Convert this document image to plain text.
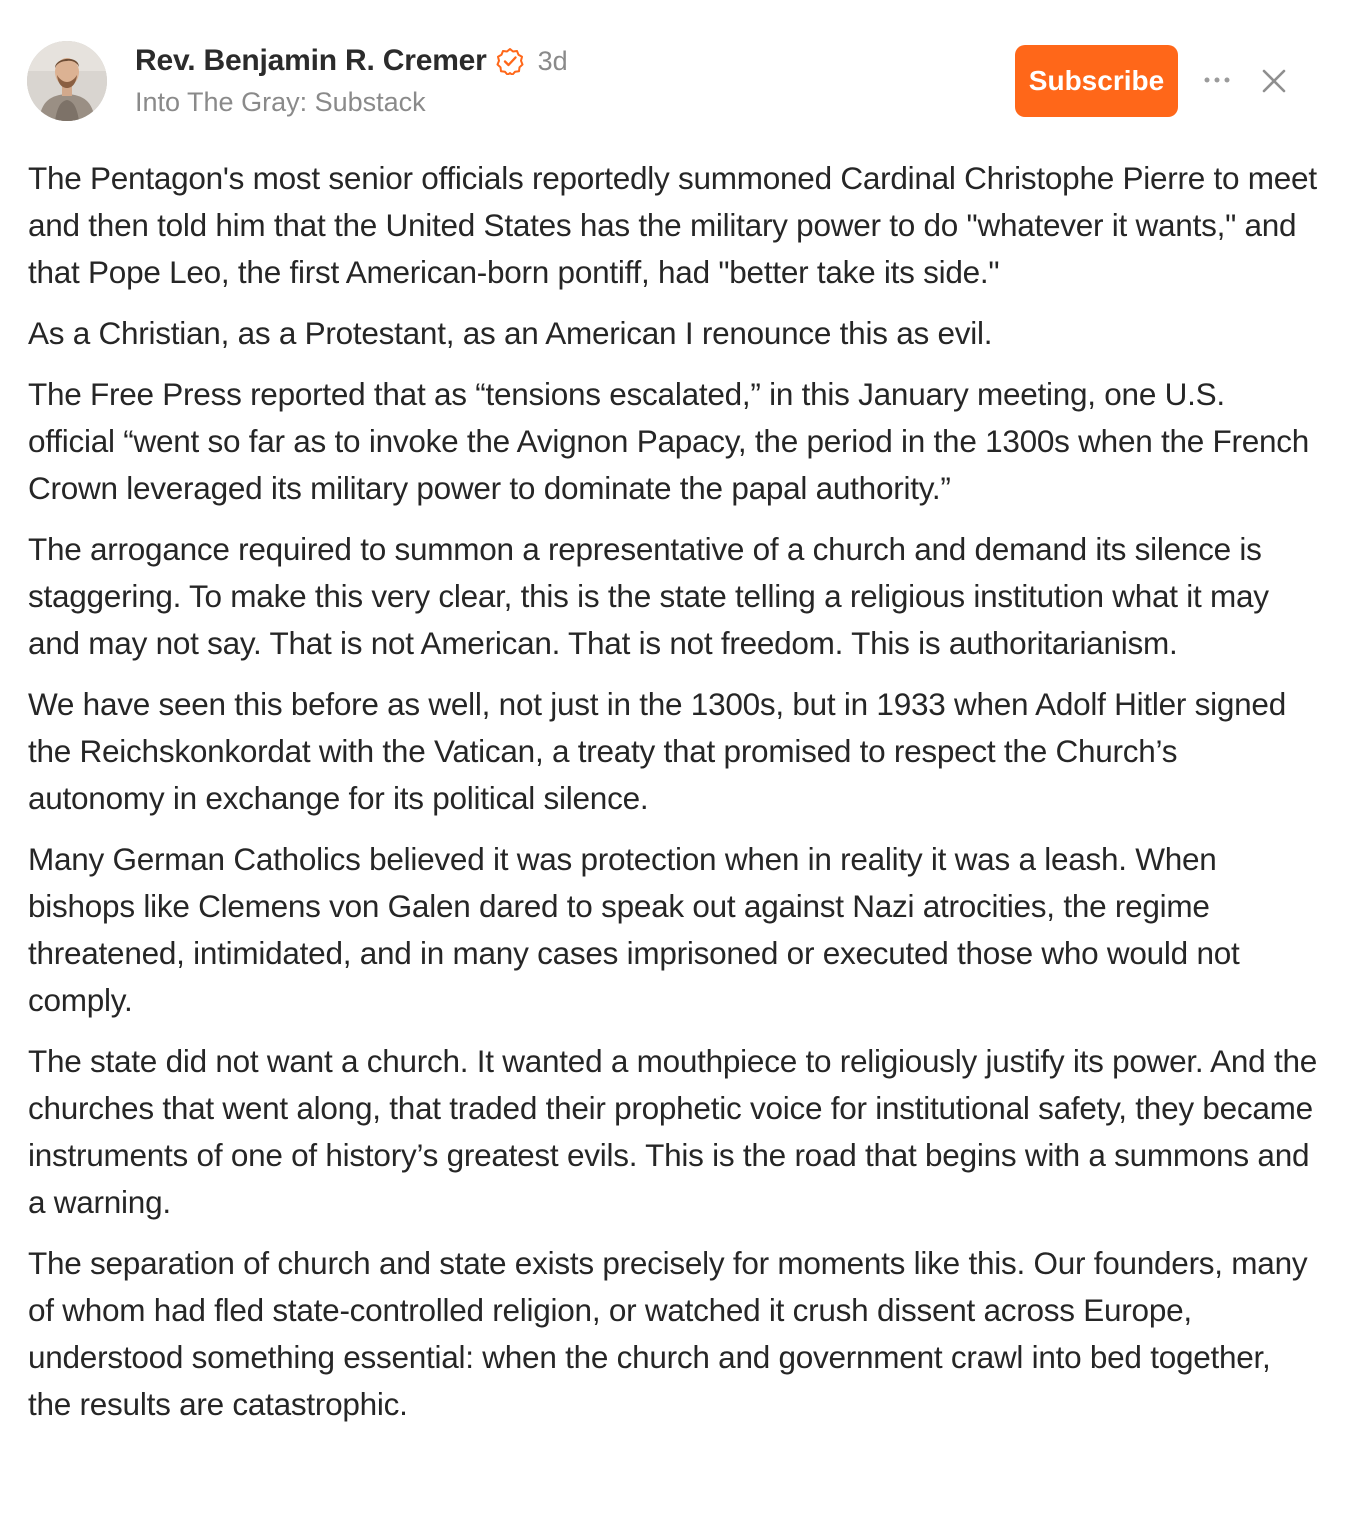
Rev. Benjamin R. Cremer 3d
Into The Gray: Substack
Subscribe

The Pentagon's most senior officials reportedly summoned Cardinal Christophe Pierre to meet and then told him that the United States has the military power to do "whatever it wants," and that Pope Leo, the first American-born pontiff, had "better take its side."

As a Christian, as a Protestant, as an American I renounce this as evil.

The Free Press reported that as “tensions escalated,” in this January meeting, one U.S. official “went so far as to invoke the Avignon Papacy, the period in the 1300s when the French Crown leveraged its military power to dominate the papal authority.”

The arrogance required to summon a representative of a church and demand its silence is staggering. To make this very clear, this is the state telling a religious institution what it may and may not say. That is not American. That is not freedom. This is authoritarianism.

We have seen this before as well, not just in the 1300s, but in 1933 when Adolf Hitler signed the Reichskonkordat with the Vatican, a treaty that promised to respect the Church’s autonomy in exchange for its political silence.

Many German Catholics believed it was protection when in reality it was a leash. When bishops like Clemens von Galen dared to speak out against Nazi atrocities, the regime threatened, intimidated, and in many cases imprisoned or executed those who would not comply.

The state did not want a church. It wanted a mouthpiece to religiously justify its power. And the churches that went along, that traded their prophetic voice for institutional safety, they became instruments of one of history’s greatest evils. This is the road that begins with a summons and a warning.

The separation of church and state exists precisely for moments like this. Our founders, many of whom had fled state-controlled religion, or watched it crush dissent across Europe, understood something essential: when the church and government crawl into bed together, the results are catastrophic.
